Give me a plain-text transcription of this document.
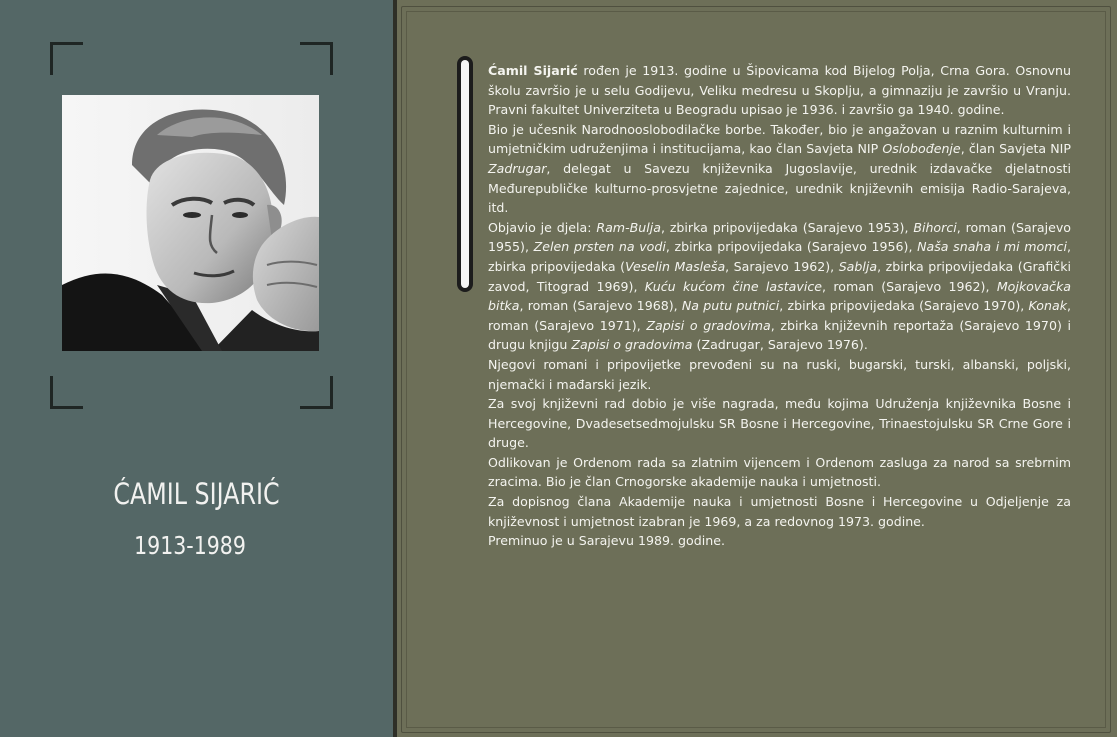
ĆAMIL SIJARIĆ
1913-1989

Ćamil Sijarić rođen je 1913. godine u Šipovicama kod Bijelog Polja, Crna Gora. Osnovnu školu završio je u selu Godijevu, Veliku medresu u Skoplju, a gimnaziju je završio u Vranju. Pravni fakultet Univerziteta u Beogradu upisao je 1936. i završio ga 1940. godine.

Bio je učesnik Narodnooslobodilačke borbe. Također, bio je angažovan u raznim kulturnim i umjetničkim udruženjima i institucijama, kao član Savjeta NIP Oslobođenje, član Savjeta NIP Zadrugar, delegat u Savezu književnika Jugoslavije, urednik izdavačke djelatnosti Međurepubličke kulturno-prosvjetne zajednice, urednik književnih emisija Radio-Sarajeva, itd.

Objavio je djela: Ram-Bulja, zbirka pripovijedaka (Sarajevo 1953), Bihorci, roman (Sarajevo 1955), Zelen prsten na vodi, zbirka pripovijedaka (Sarajevo 1956), Naša snaha i mi momci, zbirka pripovijedaka (Veselin Masleša, Sarajevo 1962), Sablja, zbirka pripovijedaka (Grafički zavod, Titograd 1969), Kuću kućom čine lastavice, roman (Sarajevo 1962), Mojkovačka bitka, roman (Sarajevo 1968), Na putu putnici, zbirka pripovijedaka (Sarajevo 1970), Konak, roman (Sarajevo 1971), Zapisi o gradovima, zbirka književnih reportaža (Sarajevo 1970) i drugu knjigu Zapisi o gradovima (Zadrugar, Sarajevo 1976).

Njegovi romani i pripovijetke prevođeni su na ruski, bugarski, turski, albanski, poljski, njemački i mađarski jezik.

Za svoj književni rad dobio je više nagrada, među kojima Udruženja književnika Bosne i Hercegovine, Dvadesetsedmojulsku SR Bosne i Hercegovine, Trinaestojulsku SR Crne Gore i druge.

Odlikovan je Ordenom rada sa zlatnim vijencem i Ordenom zasluga za narod sa srebrnim zracima. Bio je član Crnogorske akademije nauka i umjetnosti.

Za dopisnog člana Akademije nauka i umjetnosti Bosne i Hercegovine u Odjeljenje za književnost i umjetnost izabran je 1969, a za redovnog 1973. godine.

Preminuo je u Sarajevu 1989. godine.
